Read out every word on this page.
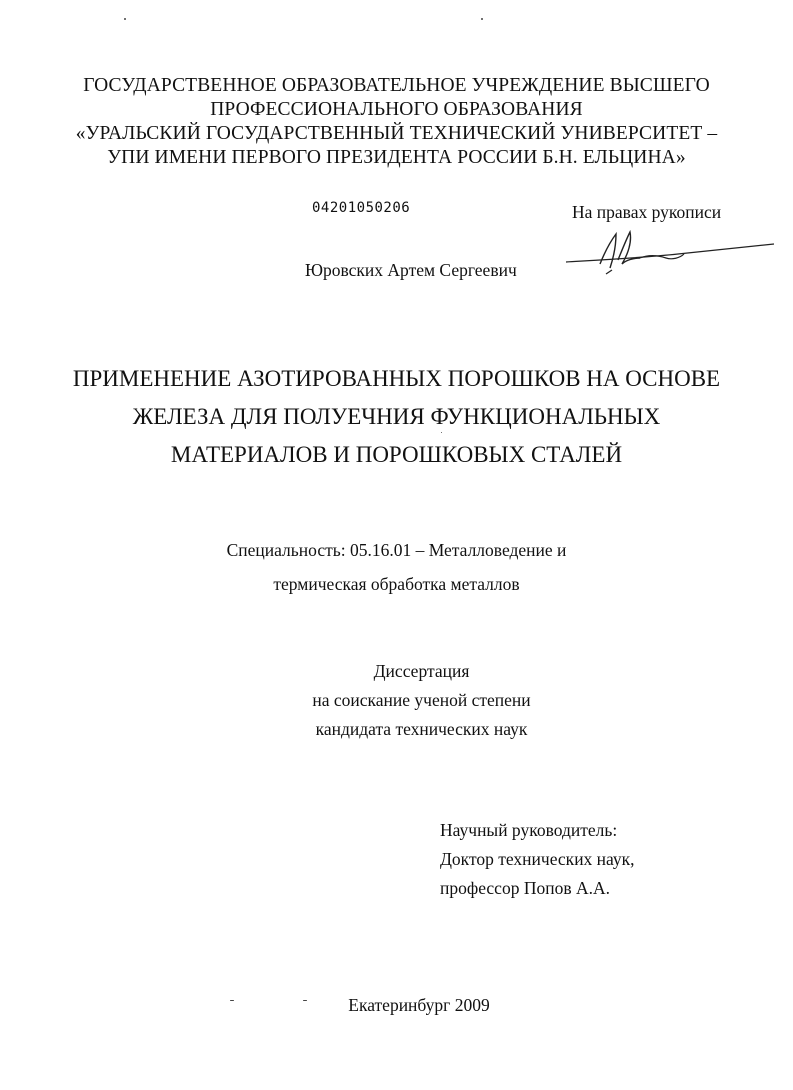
ГОСУДАРСТВЕННОЕ ОБРАЗОВАТЕЛЬНОЕ УЧРЕЖДЕНИЕ ВЫСШЕГО
ПРОФЕССИОНАЛЬНОГО ОБРАЗОВАНИЯ
«УРАЛЬСКИЙ ГОСУДАРСТВЕННЫЙ ТЕХНИЧЕСКИЙ УНИВЕРСИТЕТ –
УПИ ИМЕНИ ПЕРВОГО ПРЕЗИДЕНТА РОССИИ Б.Н. ЕЛЬЦИНА»
04201050206	На правах рукописи
Юровских Артем Сергеевич
ПРИМЕНЕНИЕ АЗОТИРОВАННЫХ ПОРОШКОВ НА ОСНОВЕ
ЖЕЛЕЗА ДЛЯ ПОЛУЕЧНИЯ ФУНКЦИОНАЛЬНЫХ
МАТЕРИАЛОВ И ПОРОШКОВЫХ СТАЛЕЙ
Специальность: 05.16.01 – Металловедение и
термическая обработка металлов
Диссертация
на соискание ученой степени
кандидата технических наук
Научный руководитель:
Доктор технических наук,
профессор Попов А.А.
Екатеринбург 2009
